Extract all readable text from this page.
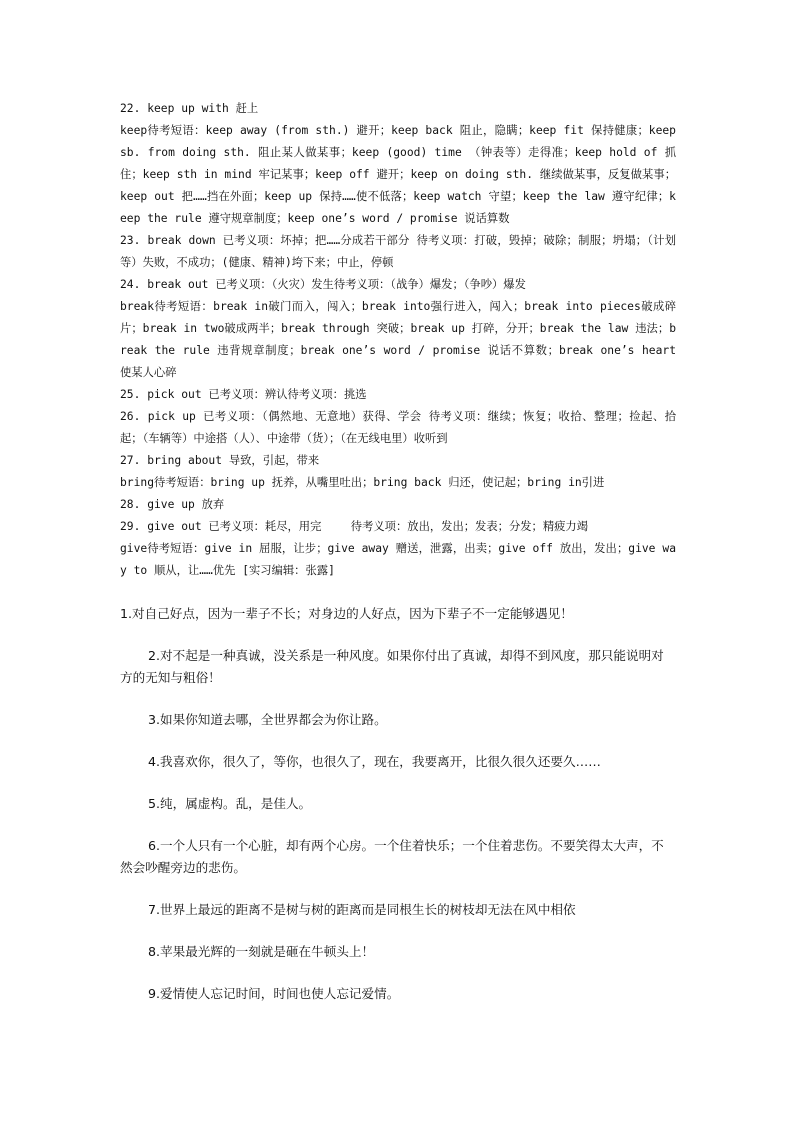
22. keep up with 赶上

keep待考短语：keep away (from sth.) 避开；keep back 阻止，隐瞒；keep fit 保持健康；keep sb. from doing sth. 阻止某人做某事；keep (good) time （钟表等）走得准；keep hold of 抓住；keep sth in mind 牢记某事；keep off 避开；keep on doing sth. 继续做某事，反复做某事；keep out 把……挡在外面；keep up 保持……使不低落；keep watch 守望；keep the law 遵守纪律；keep the rule 遵守规章制度；keep one’s word / promise 说话算数

23. break down 已考义项：坏掉；把……分成若干部分 待考义项：打破，毁掉；破除；制服；坍塌；（计划等）失败，不成功；(健康、精神)垮下来；中止，停顿

24. break out 已考义项：（火灾）发生待考义项：（战争）爆发；（争吵）爆发

break待考短语：break in破门而入，闯入；break into强行进入，闯入；break into pieces破成碎片；break in two破成两半；break through 突破；break up 打碎，分开；break the law 违法；break the rule 违背规章制度；break one’s word / promise 说话不算数；break one’s heart 使某人心碎

25. pick out 已考义项：辨认待考义项：挑选

26. pick up 已考义项：（偶然地、无意地）获得、学会 待考义项：继续；恢复；收拾、整理；捡起、拾起；（车辆等）中途搭（人）、中途带（货）；（在无线电里）收听到

27. bring about 导致，引起，带来

bring待考短语：bring up 抚养，从嘴里吐出；bring back 归还，使记起；bring in引进

28. give up 放弃

29. give out 已考义项：耗尽，用完　　 待考义项：放出，发出；发表；分发；精疲力竭

give待考短语：give in 屈服，让步；give away 赠送，泄露，出卖；give off 放出，发出；give way to 顺从，让……优先 [实习编辑：张露]

1.对自己好点，因为一辈子不长；对身边的人好点，因为下辈子不一定能够遇见！

2.对不起是一种真诚，没关系是一种风度。如果你付出了真诚，却得不到风度，那只能说明对方的无知与粗俗！

3.如果你知道去哪，全世界都会为你让路。

4.我喜欢你，很久了，等你，也很久了，现在，我要离开，比很久很久还要久……

5.纯，属虚构。乱，是佳人。

6.一个人只有一个心脏，却有两个心房。一个住着快乐；一个住着悲伤。不要笑得太大声，不然会吵醒旁边的悲伤。

7.世界上最远的距离不是树与树的距离而是同根生长的树枝却无法在风中相依

8.苹果最光辉的一刻就是砸在牛顿头上！

9.爱情使人忘记时间，时间也使人忘记爱情。
